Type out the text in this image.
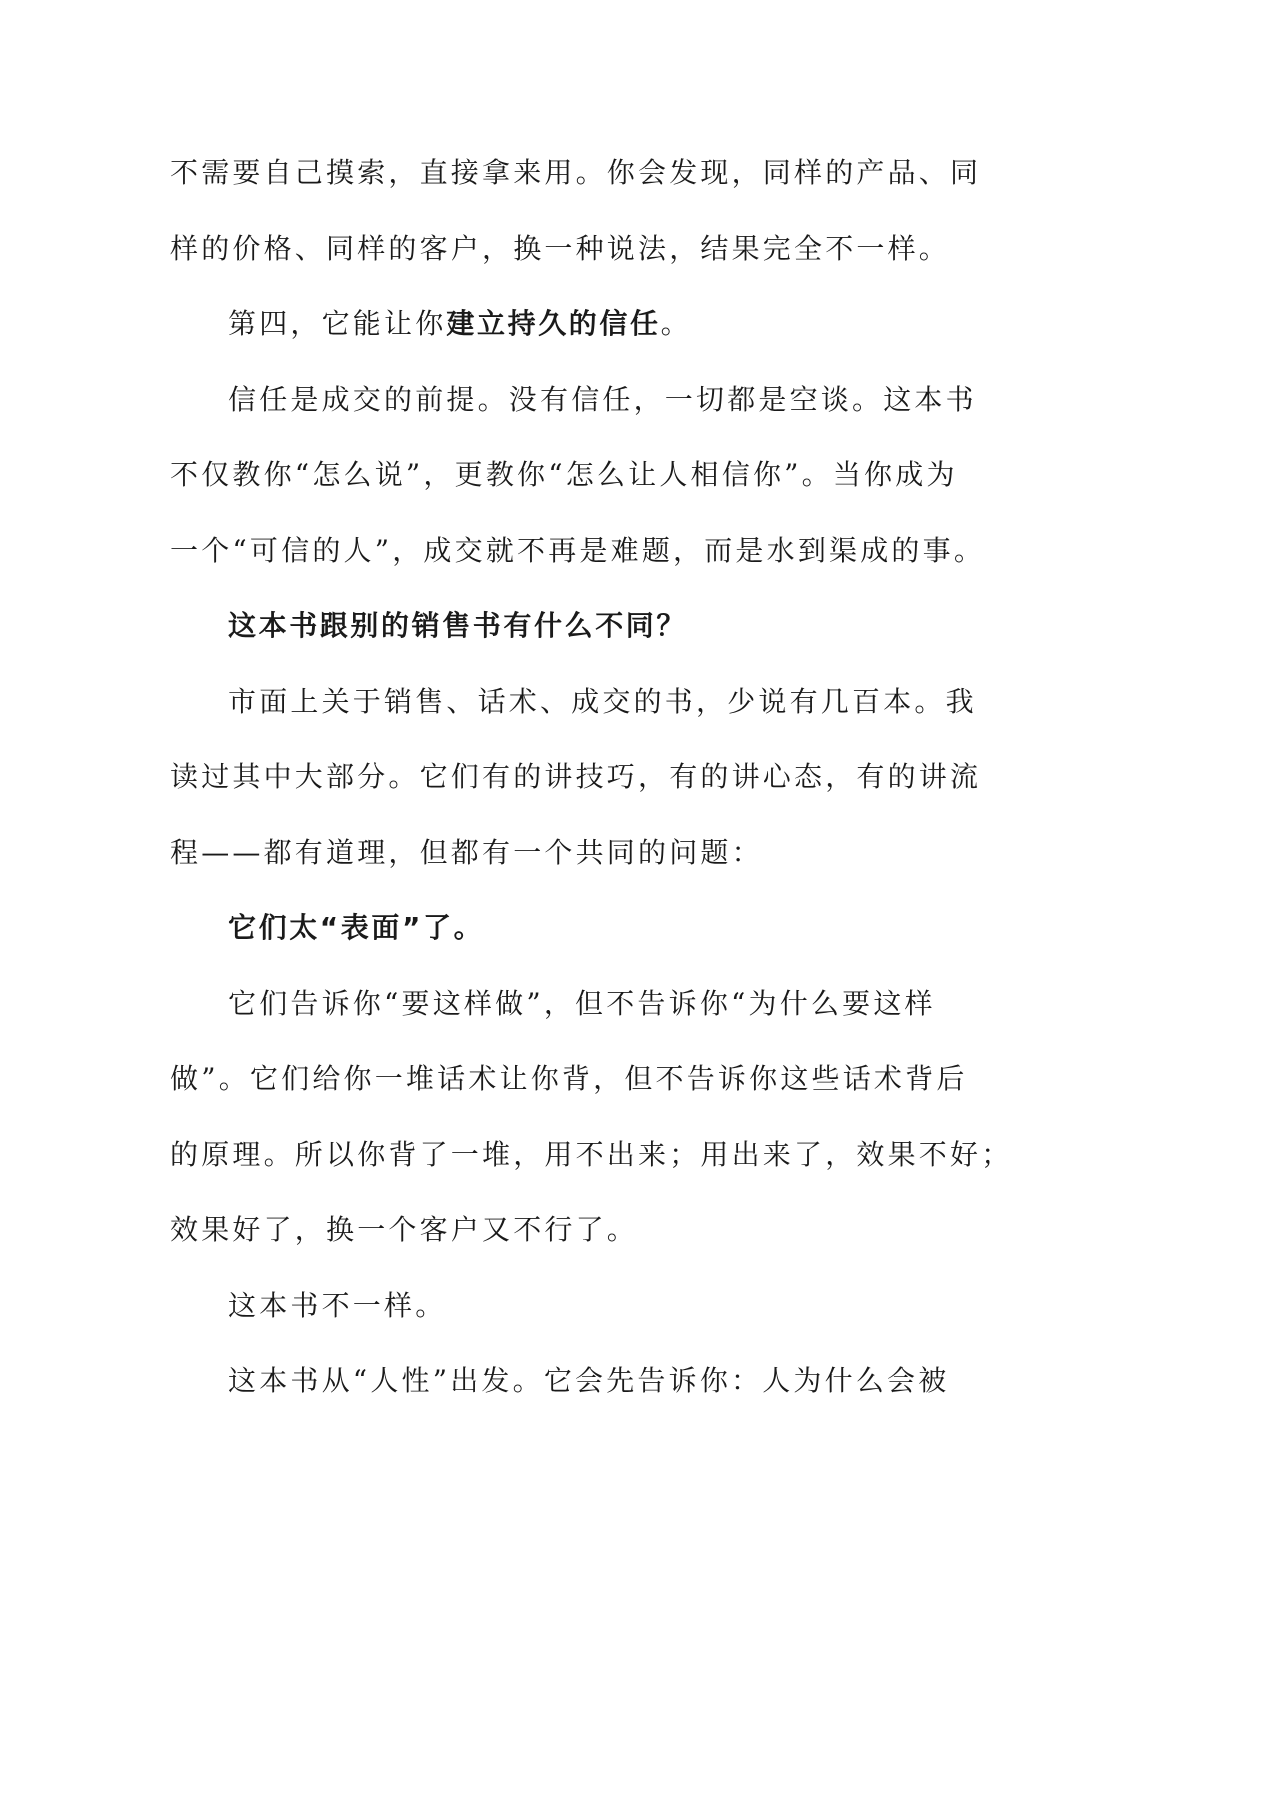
不需要自己摸索，直接拿来用。你会发现，同样的产品、同
样的价格、同样的客户，换一种说法，结果完全不一样。
第四，它能让你建立持久的信任。
信任是成交的前提。没有信任，一切都是空谈。这本书
不仅教你“怎么说”，更教你“怎么让人相信你”。当你成为
一个“可信的人”，成交就不再是难题，而是水到渠成的事。
这本书跟别的销售书有什么不同？
市面上关于销售、话术、成交的书，少说有几百本。我
读过其中大部分。它们有的讲技巧，有的讲心态，有的讲流
程——都有道理，但都有一个共同的问题：
它们太“表面”了。
它们告诉你“要这样做”，但不告诉你“为什么要这样
做”。它们给你一堆话术让你背，但不告诉你这些话术背后
的原理。所以你背了一堆，用不出来；用出来了，效果不好；
效果好了，换一个客户又不行了。
这本书不一样。
这本书从“人性”出发。它会先告诉你：人为什么会被
